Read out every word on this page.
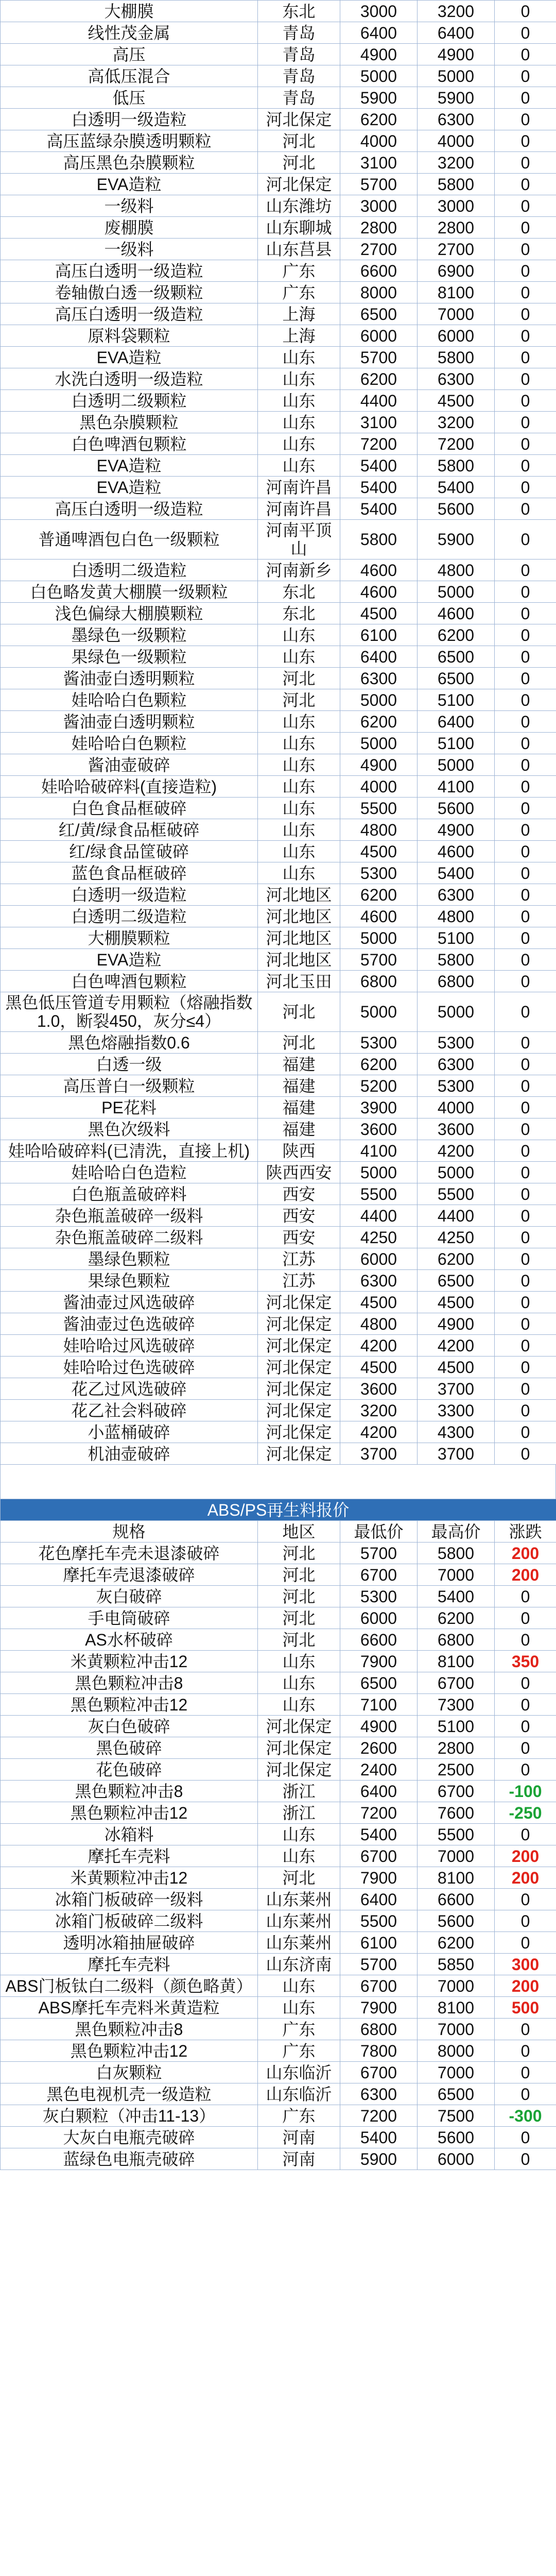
大棚膜	东北	3000	3200	0
线性茂金属	青岛	6400	6400	0
高压	青岛	4900	4900	0
高低压混合	青岛	5000	5000	0
低压	青岛	5900	5900	0
白透明一级造粒	河北保定	6200	6300	0
高压蓝绿杂膜透明颗粒	河北	4000	4000	0
高压黑色杂膜颗粒	河北	3100	3200	0
EVA造粒	河北保定	5700	5800	0
一级料	山东潍坊	3000	3000	0
废棚膜	山东聊城	2800	2800	0
一级料	山东莒县	2700	2700	0
高压白透明一级造粒	广东	6600	6900	0
卷轴傲白透一级颗粒	广东	8000	8100	0
高压白透明一级造粒	上海	6500	7000	0
原料袋颗粒	上海	6000	6000	0
EVA造粒	山东	5700	5800	0
水洗白透明一级造粒	山东	6200	6300	0
白透明二级颗粒	山东	4400	4500	0
黑色杂膜颗粒	山东	3100	3200	0
白色啤酒包颗粒	山东	7200	7200	0
EVA造粒	山东	5400	5800	0
EVA造粒	河南许昌	5400	5400	0
高压白透明一级造粒	河南许昌	5400	5600	0
普通啤酒包白色一级颗粒	河南平顶山	5800	5900	0
白透明二级造粒	河南新乡	4600	4800	0
白色略发黄大棚膜一级颗粒	东北	4600	5000	0
浅色偏绿大棚膜颗粒	东北	4500	4600	0
墨绿色一级颗粒	山东	6100	6200	0
果绿色一级颗粒	山东	6400	6500	0
酱油壶白透明颗粒	河北	6300	6500	0
娃哈哈白色颗粒	河北	5000	5100	0
酱油壶白透明颗粒	山东	6200	6400	0
娃哈哈白色颗粒	山东	5000	5100	0
酱油壶破碎	山东	4900	5000	0
娃哈哈破碎料(直接造粒)	山东	4000	4100	0
白色食品框破碎	山东	5500	5600	0
红/黄/绿食品框破碎	山东	4800	4900	0
红/绿食品筐破碎	山东	4500	4600	0
蓝色食品框破碎	山东	5300	5400	0
白透明一级造粒	河北地区	6200	6300	0
白透明二级造粒	河北地区	4600	4800	0
大棚膜颗粒	河北地区	5000	5100	0
EVA造粒	河北地区	5700	5800	0
白色啤酒包颗粒	河北玉田	6800	6800	0
黑色低压管道专用颗粒（熔融指数1.0，断裂450，灰分≤4）	河北	5000	5000	0
黑色熔融指数0.6	河北	5300	5300	0
白透一级	福建	6200	6300	0
高压普白一级颗粒	福建	5200	5300	0
PE花料	福建	3900	4000	0
黑色次级料	福建	3600	3600	0
娃哈哈破碎料(已清洗，直接上机)	陕西	4100	4200	0
娃哈哈白色造粒	陕西西安	5000	5000	0
白色瓶盖破碎料	西安	5500	5500	0
杂色瓶盖破碎一级料	西安	4400	4400	0
杂色瓶盖破碎二级料	西安	4250	4250	0
墨绿色颗粒	江苏	6000	6200	0
果绿色颗粒	江苏	6300	6500	0
酱油壶过风选破碎	河北保定	4500	4500	0
酱油壶过色选破碎	河北保定	4800	4900	0
娃哈哈过风选破碎	河北保定	4200	4200	0
娃哈哈过色选破碎	河北保定	4500	4500	0
花乙过风选破碎	河北保定	3600	3700	0
花乙社会料破碎	河北保定	3200	3300	0
小蓝桶破碎	河北保定	4200	4300	0
机油壶破碎	河北保定	3700	3700	0
ABS/PS再生料报价				
规格	地区	最低价	最高价	涨跌
花色摩托车壳未退漆破碎	河北	5700	5800	200
摩托车壳退漆破碎	河北	6700	7000	200
灰白破碎	河北	5300	5400	0
手电筒破碎	河北	6000	6200	0
AS水杯破碎	河北	6600	6800	0
米黄颗粒冲击12	山东	7900	8100	350
黑色颗粒冲击8	山东	6500	6700	0
黑色颗粒冲击12	山东	7100	7300	0
灰白色破碎	河北保定	4900	5100	0
黑色破碎	河北保定	2600	2800	0
花色破碎	河北保定	2400	2500	0
黑色颗粒冲击8	浙江	6400	6700	-100
黑色颗粒冲击12	浙江	7200	7600	-250
冰箱料	山东	5400	5500	0
摩托车壳料	山东	6700	7000	200
米黄颗粒冲击12	河北	7900	8100	200
冰箱门板破碎一级料	山东莱州	6400	6600	0
冰箱门板破碎二级料	山东莱州	5500	5600	0
透明冰箱抽屉破碎	山东莱州	6100	6200	0
摩托车壳料	山东济南	5700	5850	300
ABS门板钛白二级料（颜色略黄）	山东	6700	7000	200
ABS摩托车壳料米黄造粒	山东	7900	8100	500
黑色颗粒冲击8	广东	6800	7000	0
黑色颗粒冲击12	广东	7800	8000	0
白灰颗粒	山东临沂	6700	7000	0
黑色电视机壳一级造粒	山东临沂	6300	6500	0
灰白颗粒（冲击11-13）	广东	7200	7500	-300
大灰白电瓶壳破碎	河南	5400	5600	0
蓝绿色电瓶壳破碎	河南	5900	6000	0
